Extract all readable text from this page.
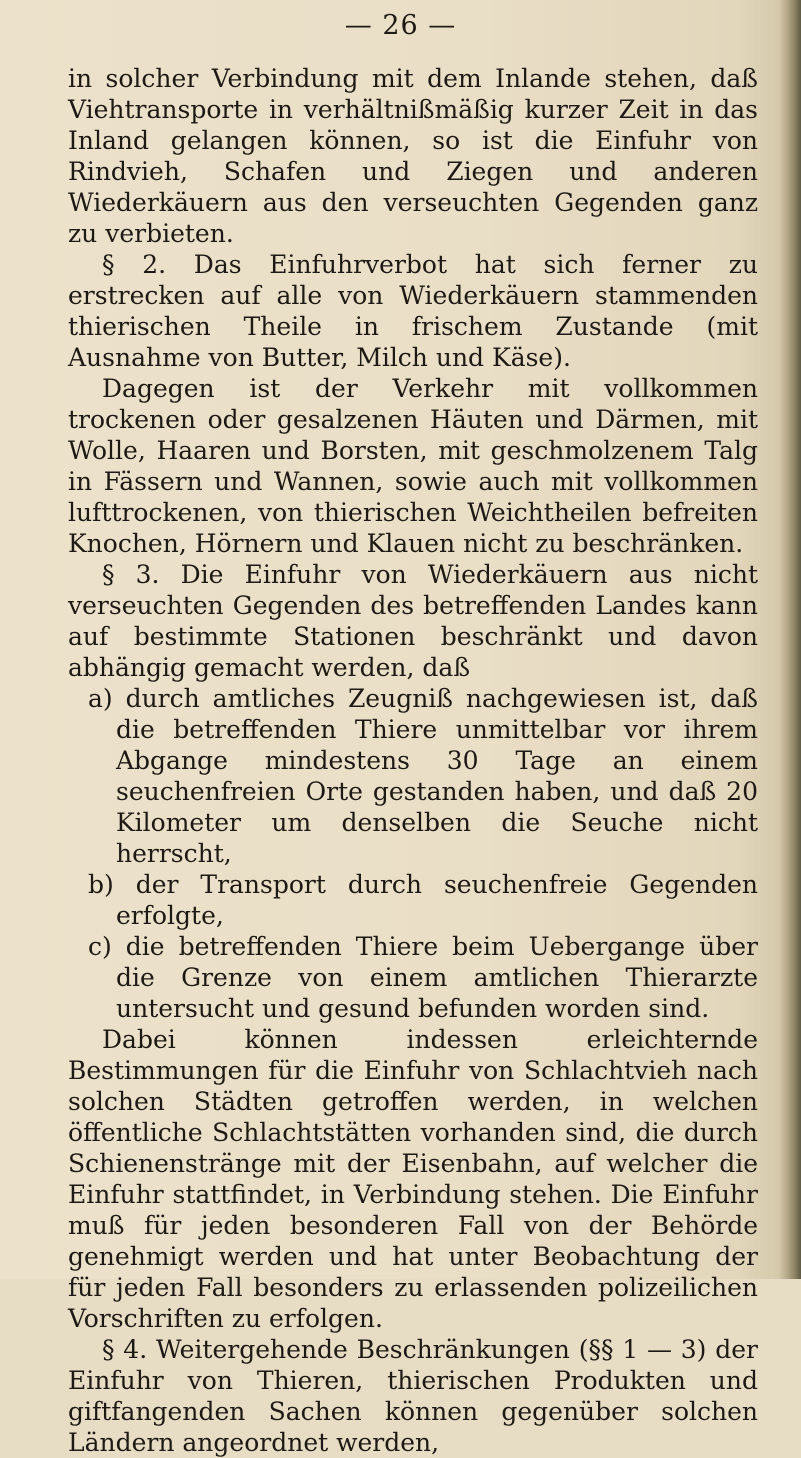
— 26 —

in solcher Verbindung mit dem Inlande stehen, daß Viehtransporte in verhältnißmäßig kurzer Zeit in das Inland gelangen können, so ist die Einfuhr von Rindvieh, Schafen und Ziegen und anderen Wiederkäuern aus den verseuchten Gegenden ganz zu verbieten.

§ 2. Das Einfuhrverbot hat sich ferner zu erstrecken auf alle von Wiederkäuern stammenden thierischen Theile in frischem Zustande (mit Ausnahme von Butter, Milch und Käse).

Dagegen ist der Verkehr mit vollkommen trockenen oder gesalzenen Häuten und Därmen, mit Wolle, Haaren und Borsten, mit geschmolzenem Talg in Fässern und Wannen, sowie auch mit vollkommen lufttrockenen, von thierischen Weichtheilen befreiten Knochen, Hörnern und Klauen nicht zu beschränken.

§ 3. Die Einfuhr von Wiederkäuern aus nicht verseuchten Gegenden des betreffenden Landes kann auf bestimmte Stationen beschränkt und davon abhängig gemacht werden, daß

a) durch amtliches Zeugniß nachgewiesen ist, daß die betreffenden Thiere unmittelbar vor ihrem Abgange mindestens 30 Tage an einem seuchenfreien Orte gestanden haben, und daß 20 Kilometer um denselben die Seuche nicht herrscht,

b) der Transport durch seuchenfreie Gegenden erfolgte,

c) die betreffenden Thiere beim Uebergange über die Grenze von einem amtlichen Thierarzte untersucht und gesund befunden worden sind.

Dabei können indessen erleichternde Bestimmungen für die Einfuhr von Schlachtvieh nach solchen Städten getroffen werden, in welchen öffentliche Schlachtstätten vorhanden sind, die durch Schienenstränge mit der Eisenbahn, auf welcher die Einfuhr stattfindet, in Verbindung stehen. Die Einfuhr muß für jeden besonderen Fall von der Behörde genehmigt werden und hat unter Beobachtung der für jeden Fall besonders zu erlassenden polizeilichen Vorschriften zu erfolgen.

§ 4. Weitergehende Beschränkungen (§§ 1 — 3) der Einfuhr von Thieren, thierischen Produkten und giftfangenden Sachen können gegenüber solchen Ländern angeordnet werden,
